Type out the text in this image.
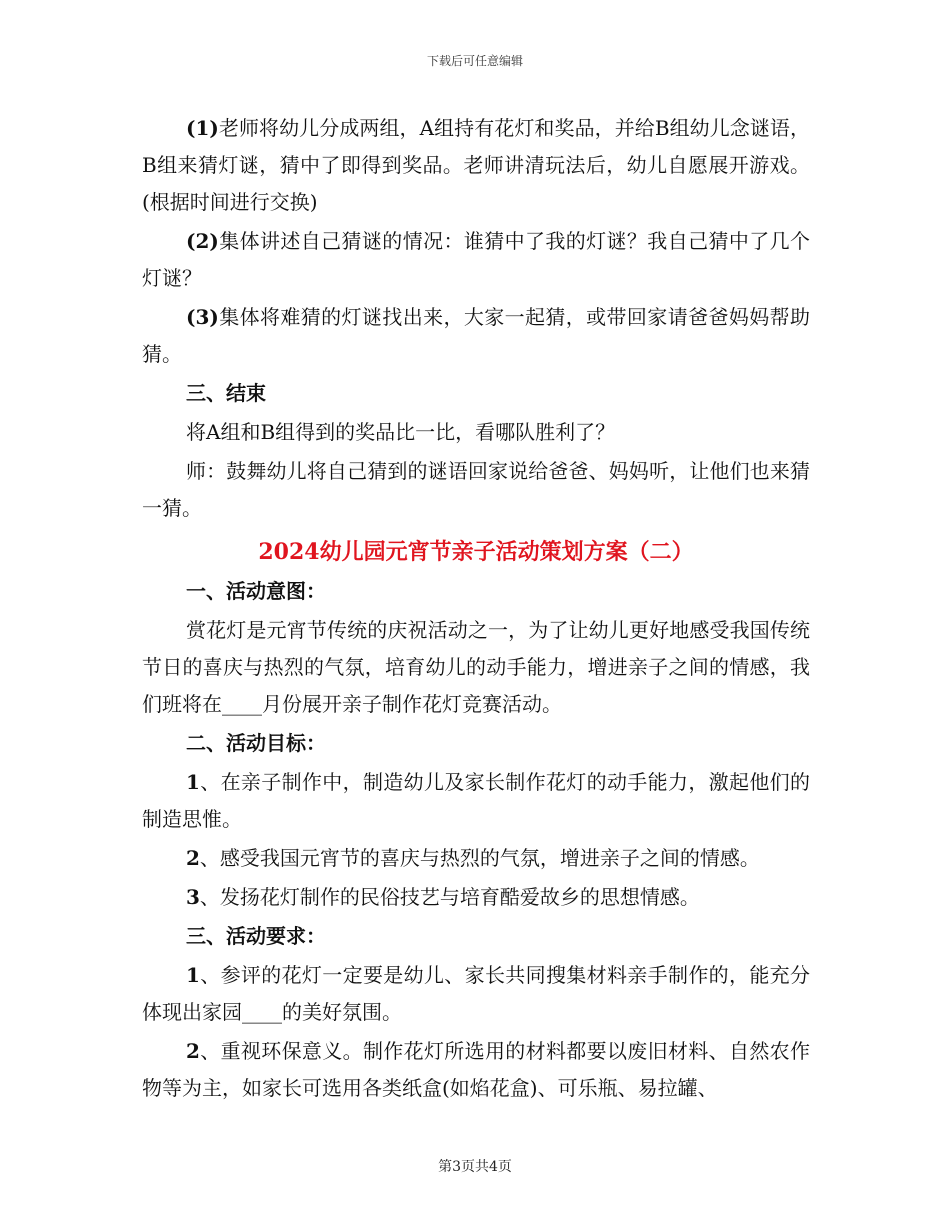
下载后可任意编辑

(1)老师将幼儿分成两组，A组持有花灯和奖品，并给B组幼儿念谜语，B组来猜灯谜，猜中了即得到奖品。老师讲清玩法后，幼儿自愿展开游戏。(根据时间进行交换)

(2)集体讲述自己猜谜的情况：谁猜中了我的灯谜？我自己猜中了几个灯谜？

(3)集体将难猜的灯谜找出来，大家一起猜，或带回家请爸爸妈妈帮助猜。

三、结束

将A组和B组得到的奖品比一比，看哪队胜利了？

师：鼓舞幼儿将自己猜到的谜语回家说给爸爸、妈妈听，让他们也来猜一猜。

2024幼儿园元宵节亲子活动策划方案（二）

一、活动意图：

赏花灯是元宵节传统的庆祝活动之一，为了让幼儿更好地感受我国传统节日的喜庆与热烈的气氛，培育幼儿的动手能力，增进亲子之间的情感，我们班将在____月份展开亲子制作花灯竞赛活动。

二、活动目标：

1、在亲子制作中，制造幼儿及家长制作花灯的动手能力，激起他们的制造思惟。

2、感受我国元宵节的喜庆与热烈的气氛，增进亲子之间的情感。

3、发扬花灯制作的民俗技艺与培育酷爱故乡的思想情感。

三、活动要求：

1、参评的花灯一定要是幼儿、家长共同搜集材料亲手制作的，能充分体现出家园____的美好氛围。

2、重视环保意义。制作花灯所选用的材料都要以废旧材料、自然农作物等为主，如家长可选用各类纸盒(如焰花盒)、可乐瓶、易拉罐、

第3页共4页
